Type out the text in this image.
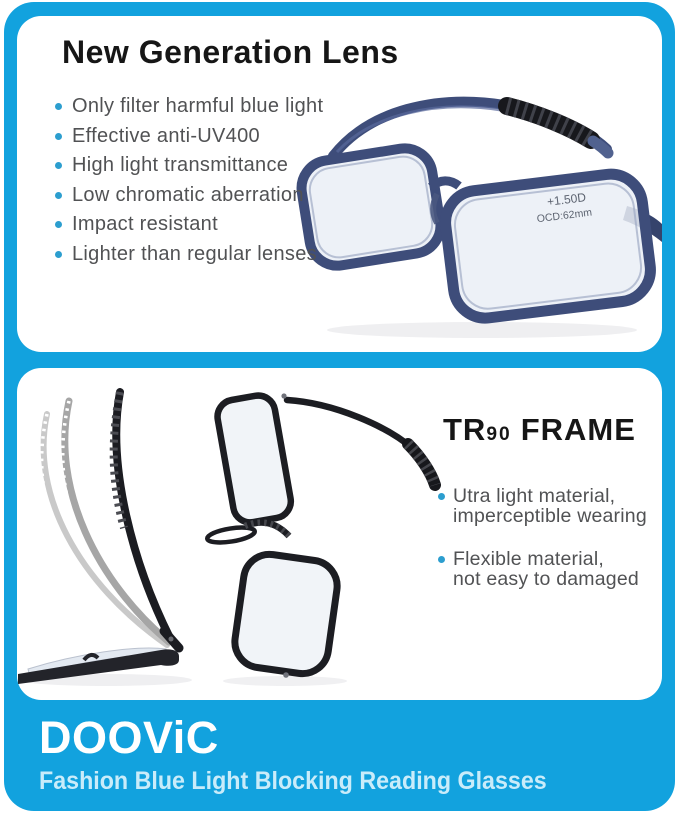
New Generation Lens
Only filter harmful blue light
Effective anti-UV400
High light transmittance
Low chromatic aberration
Impact resistant
Lighter than regular lenses
+1.50D
OCD:62mm
TR90 FRAME
Utra light material,
imperceptible wearing
Flexible material,
not easy to damaged
DOOViC
Fashion Blue Light Blocking Reading Glasses
